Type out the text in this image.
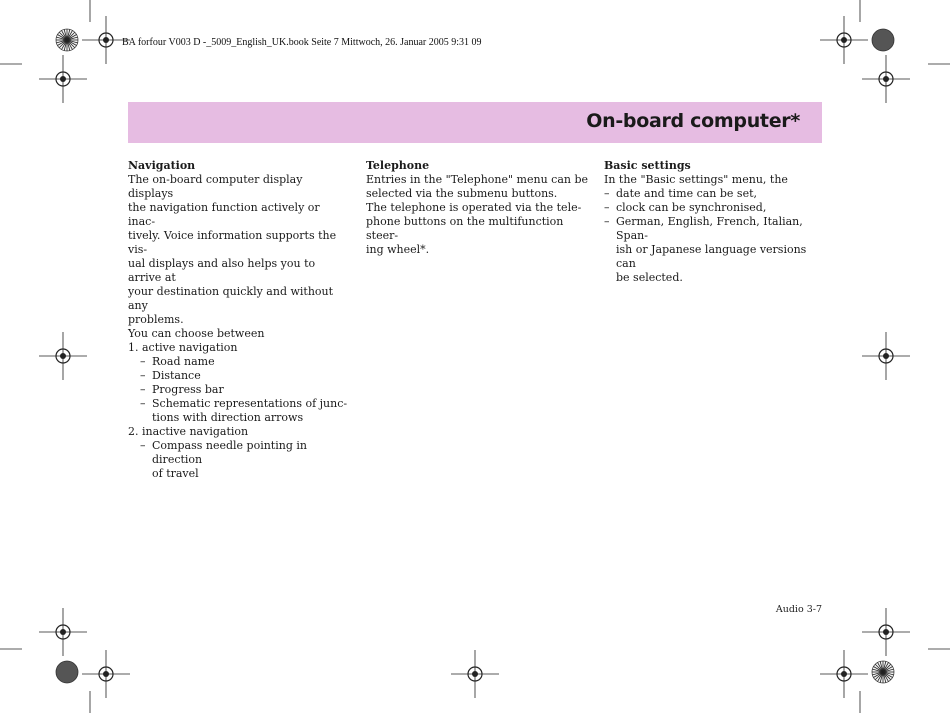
BA forfour V003 D -_5009_English_UK.book Seite 7 Mittwoch, 26. Januar 2005 9:31 09
On-board computer*
Navigation
The on-board computer display displays
the navigation function actively or inac-
tively. Voice information supports the vis-
ual displays and also helps you to arrive at
your destination quickly and without any
problems.
You can choose between
1. active navigation
– Road name
– Distance
– Progress bar
– Schematic representations of junc-
tions with direction arrows
2. inactive navigation
– Compass needle pointing in direction
of travel
Telephone
Entries in the "Telephone" menu can be
selected via the submenu buttons.
The telephone is operated via the tele-
phone buttons on the multifunction steer-
ing wheel*.
Basic settings
In the "Basic settings" menu, the
– date and time can be set,
– clock can be synchronised,
– German, English, French, Italian, Span-
ish or Japanese language versions can
be selected.
Audio 3-7
